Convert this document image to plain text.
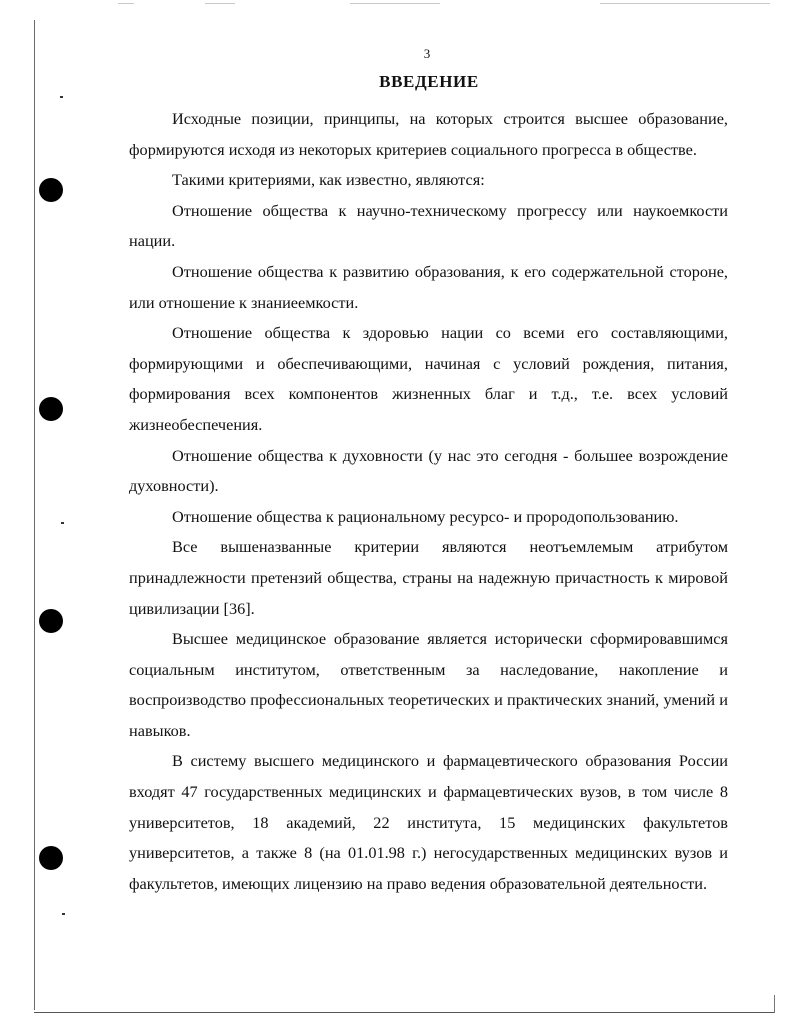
3
ВВЕДЕНИЕ

Исходные позиции, принципы, на которых строится высшее образование, формируются исходя из некоторых критериев социального прогресса в обществе.

Такими критериями, как известно, являются:

Отношение общества к научно-техническому прогрессу или наукоемкости нации.

Отношение общества к развитию образования, к его содержательной стороне, или отношение к знаниеемкости.

Отношение общества к здоровью нации со всеми его составляющими, формирующими и обеспечивающими, начиная с условий рождения, питания, формирования всех компонентов жизненных благ и т.д., т.е. всех условий жизнеобеспечения.

Отношение общества к духовности (у нас это сегодня - большее возрождение духовности).

Отношение общества к рациональному ресурсо- и прородопользованию.

Все вышеназванные критерии являются неотъемлемым атрибутом принадлежности претензий общества, страны на надежную причастность к мировой цивилизации [36].

Высшее медицинское образование является исторически сформировавшимся социальным институтом, ответственным за наследование, накопление и воспроизводство профессиональных теоретических и практических знаний, умений и навыков.

В систему высшего медицинского и фармацевтического образования России входят 47 государственных медицинских и фармацевтических вузов, в том числе 8 университетов, 18 академий, 22 института, 15 медицинских факультетов университетов, а также 8 (на 01.01.98 г.) негосударственных медицинских вузов и факультетов, имеющих лицензию на право ведения образовательной деятельности.
